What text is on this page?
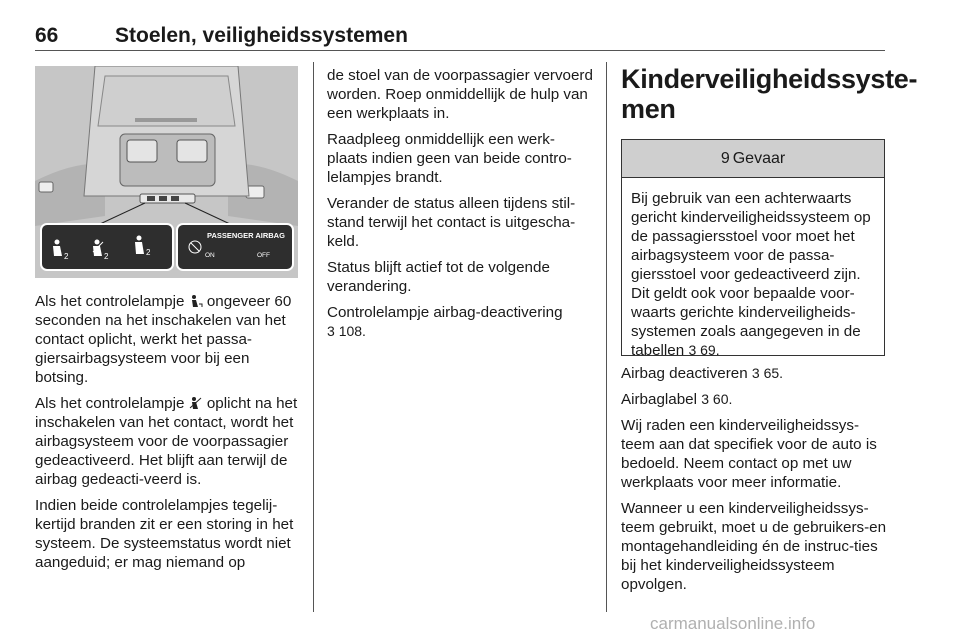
66	Stoelen, veiligheidssystemen
2	2	2
PASSENGER AIRBAG
ON	OFF

Als het controlelampje  ongeveer 60 seconden na het inschakelen van het contact oplicht, werkt het passa-giersairbagsysteem voor bij een botsing.

Als het controlelampje  oplicht na het inschakelen van het contact, wordt het airbagsysteem voor de voorpassagier gedeactiveerd. Het blijft aan terwijl de airbag gedeacti-veerd is.

Indien beide controlelampjes tegelij-kertijd branden zit er een storing in het systeem. De systeemstatus wordt niet aangeduid; er mag niemand op

de stoel van de voorpassagier vervoerd worden. Roep onmiddellijk de hulp van een werkplaats in.

Raadpleeg onmiddellijk een werk-plaats indien geen van beide contro-lelampjes brandt.

Verander de status alleen tijdens stil-stand terwijl het contact is uitgescha-keld.

Status blijft actief tot de volgende verandering.

Controlelampje airbag-deactivering
3 108.

Kinderveiligheidssyste-
men
9 Gevaar
Bij gebruik van een achterwaarts gericht kinderveiligheidssysteem op de passagiersstoel voor moet het airbagsysteem voor de passa-giersstoel voor gedeactiveerd zijn. Dit geldt ook voor bepaalde voor-waarts gerichte kinderveiligheids-systemen zoals aangegeven in de tabellen 3 69.

Airbag deactiveren 3 65.

Airbaglabel 3 60.

Wij raden een kinderveiligheidssys-teem aan dat specifiek voor de auto is bedoeld. Neem contact op met uw werkplaats voor meer informatie.

Wanneer u een kinderveiligheidssys-teem gebruikt, moet u de gebruikers-en montagehandleiding én de instruc-ties bij het kinderveiligheidssysteem opvolgen.

carmanualsonline.info
